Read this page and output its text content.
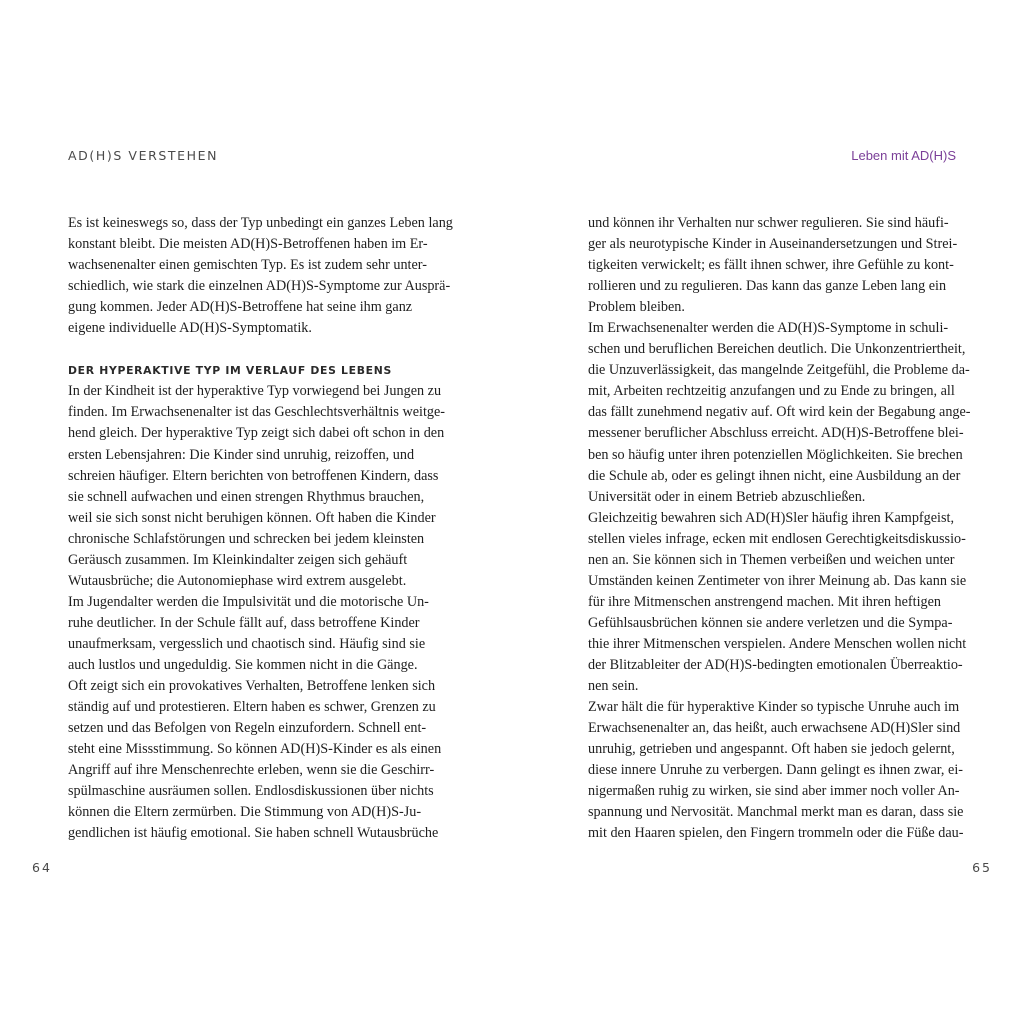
AD(H)S VERSTEHEN	Leben mit AD(H)S
Es ist keineswegs so, dass der Typ unbedingt ein ganzes Leben lang
konstant bleibt. Die meisten AD(H)S-Betroffenen haben im Er-
wachsenenalter einen gemischten Typ. Es ist zudem sehr unter-
schiedlich, wie stark die einzelnen AD(H)S-Symptome zur Ausprä-
gung kommen. Jeder AD(H)S-Betroffene hat seine ihm ganz
eigene individuelle AD(H)S-Symptomatik.
DER HYPERAKTIVE TYP IM VERLAUF DES LEBENS
In der Kindheit ist der hyperaktive Typ vorwiegend bei Jungen zu
finden. Im Erwachsenenalter ist das Geschlechtsverhältnis weitge-
hend gleich. Der hyperaktive Typ zeigt sich dabei oft schon in den
ersten Lebensjahren: Die Kinder sind unruhig, reizoffen, und
schreien häufiger. Eltern berichten von betroffenen Kindern, dass
sie schnell aufwachen und einen strengen Rhythmus brauchen,
weil sie sich sonst nicht beruhigen können. Oft haben die Kinder
chronische Schlafstörungen und schrecken bei jedem kleinsten
Geräusch zusammen. Im Kleinkindalter zeigen sich gehäuft
Wutausbrüche; die Autonomiephase wird extrem ausgelebt.
Im Jugendalter werden die Impulsivität und die motorische Un-
ruhe deutlicher. In der Schule fällt auf, dass betroffene Kinder
unaufmerksam, vergesslich und chaotisch sind. Häufig sind sie
auch lustlos und ungeduldig. Sie kommen nicht in die Gänge.
Oft zeigt sich ein provokatives Verhalten, Betroffene lenken sich
ständig auf und protestieren. Eltern haben es schwer, Grenzen zu
setzen und das Befolgen von Regeln einzufordern. Schnell ent-
steht eine Missstimmung. So können AD(H)S-Kinder es als einen
Angriff auf ihre Menschenrechte erleben, wenn sie die Geschirr-
spülmaschine ausräumen sollen. Endlosdiskussionen über nichts
können die Eltern zermürben. Die Stimmung von AD(H)S-Ju-
gendlichen ist häufig emotional. Sie haben schnell Wutausbrüche
und können ihr Verhalten nur schwer regulieren. Sie sind häufi-
ger als neurotypische Kinder in Auseinandersetzungen und Strei-
tigkeiten verwickelt; es fällt ihnen schwer, ihre Gefühle zu kont-
rollieren und zu regulieren. Das kann das ganze Leben lang ein
Problem bleiben.
Im Erwachsenenalter werden die AD(H)S-Symptome in schuli-
schen und beruflichen Bereichen deutlich. Die Unkonzentriertheit,
die Unzuverlässigkeit, das mangelnde Zeitgefühl, die Probleme da-
mit, Arbeiten rechtzeitig anzufangen und zu Ende zu bringen, all
das fällt zunehmend negativ auf. Oft wird kein der Begabung ange-
messener beruflicher Abschluss erreicht. AD(H)S-Betroffene blei-
ben so häufig unter ihren potenziellen Möglichkeiten. Sie brechen
die Schule ab, oder es gelingt ihnen nicht, eine Ausbildung an der
Universität oder in einem Betrieb abzuschließen.
Gleichzeitig bewahren sich AD(H)Sler häufig ihren Kampfgeist,
stellen vieles infrage, ecken mit endlosen Gerechtigkeitsdiskussio-
nen an. Sie können sich in Themen verbeißen und weichen unter
Umständen keinen Zentimeter von ihrer Meinung ab. Das kann sie
für ihre Mitmenschen anstrengend machen. Mit ihren heftigen
Gefühlsausbrüchen können sie andere verletzen und die Sympa-
thie ihrer Mitmenschen verspielen. Andere Menschen wollen nicht
der Blitzableiter der AD(H)S-bedingten emotionalen Überreaktio-
nen sein.
Zwar hält die für hyperaktive Kinder so typische Unruhe auch im
Erwachsenenalter an, das heißt, auch erwachsene AD(H)Sler sind
unruhig, getrieben und angespannt. Oft haben sie jedoch gelernt,
diese innere Unruhe zu verbergen. Dann gelingt es ihnen zwar, ei-
nigermaßen ruhig zu wirken, sie sind aber immer noch voller An-
spannung und Nervosität. Manchmal merkt man es daran, dass sie
mit den Haaren spielen, den Fingern trommeln oder die Füße dau-
64	65
